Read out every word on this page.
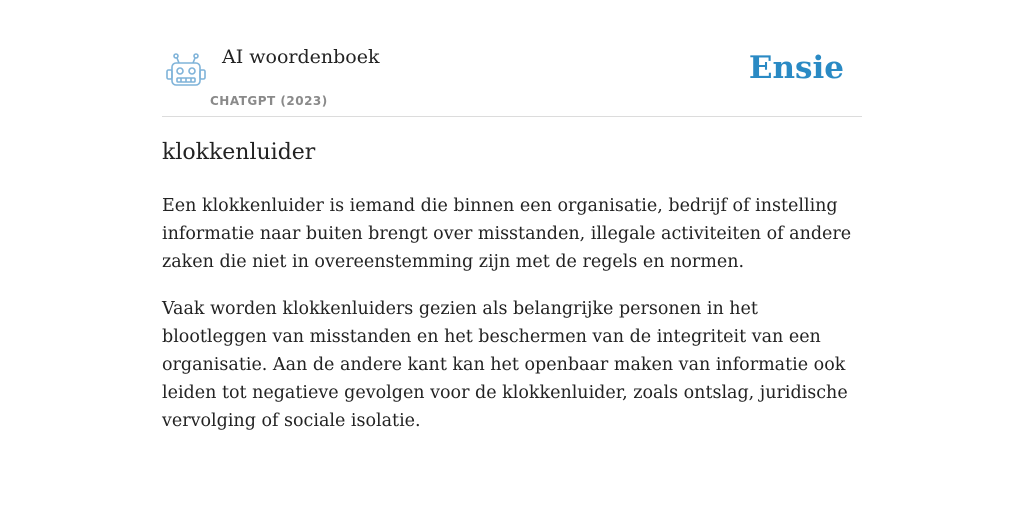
AI woordenboek
CHATGPT (2023)
Ensie
klokkenluider

Een klokkenluider is iemand die binnen een organisatie, bedrijf of instelling informatie naar buiten brengt over misstanden, illegale activiteiten of andere zaken die niet in overeenstemming zijn met de regels en normen.

Vaak worden klokkenluiders gezien als belangrijke personen in het blootleggen van misstanden en het beschermen van de integriteit van een organisatie. Aan de andere kant kan het openbaar maken van informatie ook leiden tot negatieve gevolgen voor de klokkenluider, zoals ontslag, juridische vervolging of sociale isolatie.
